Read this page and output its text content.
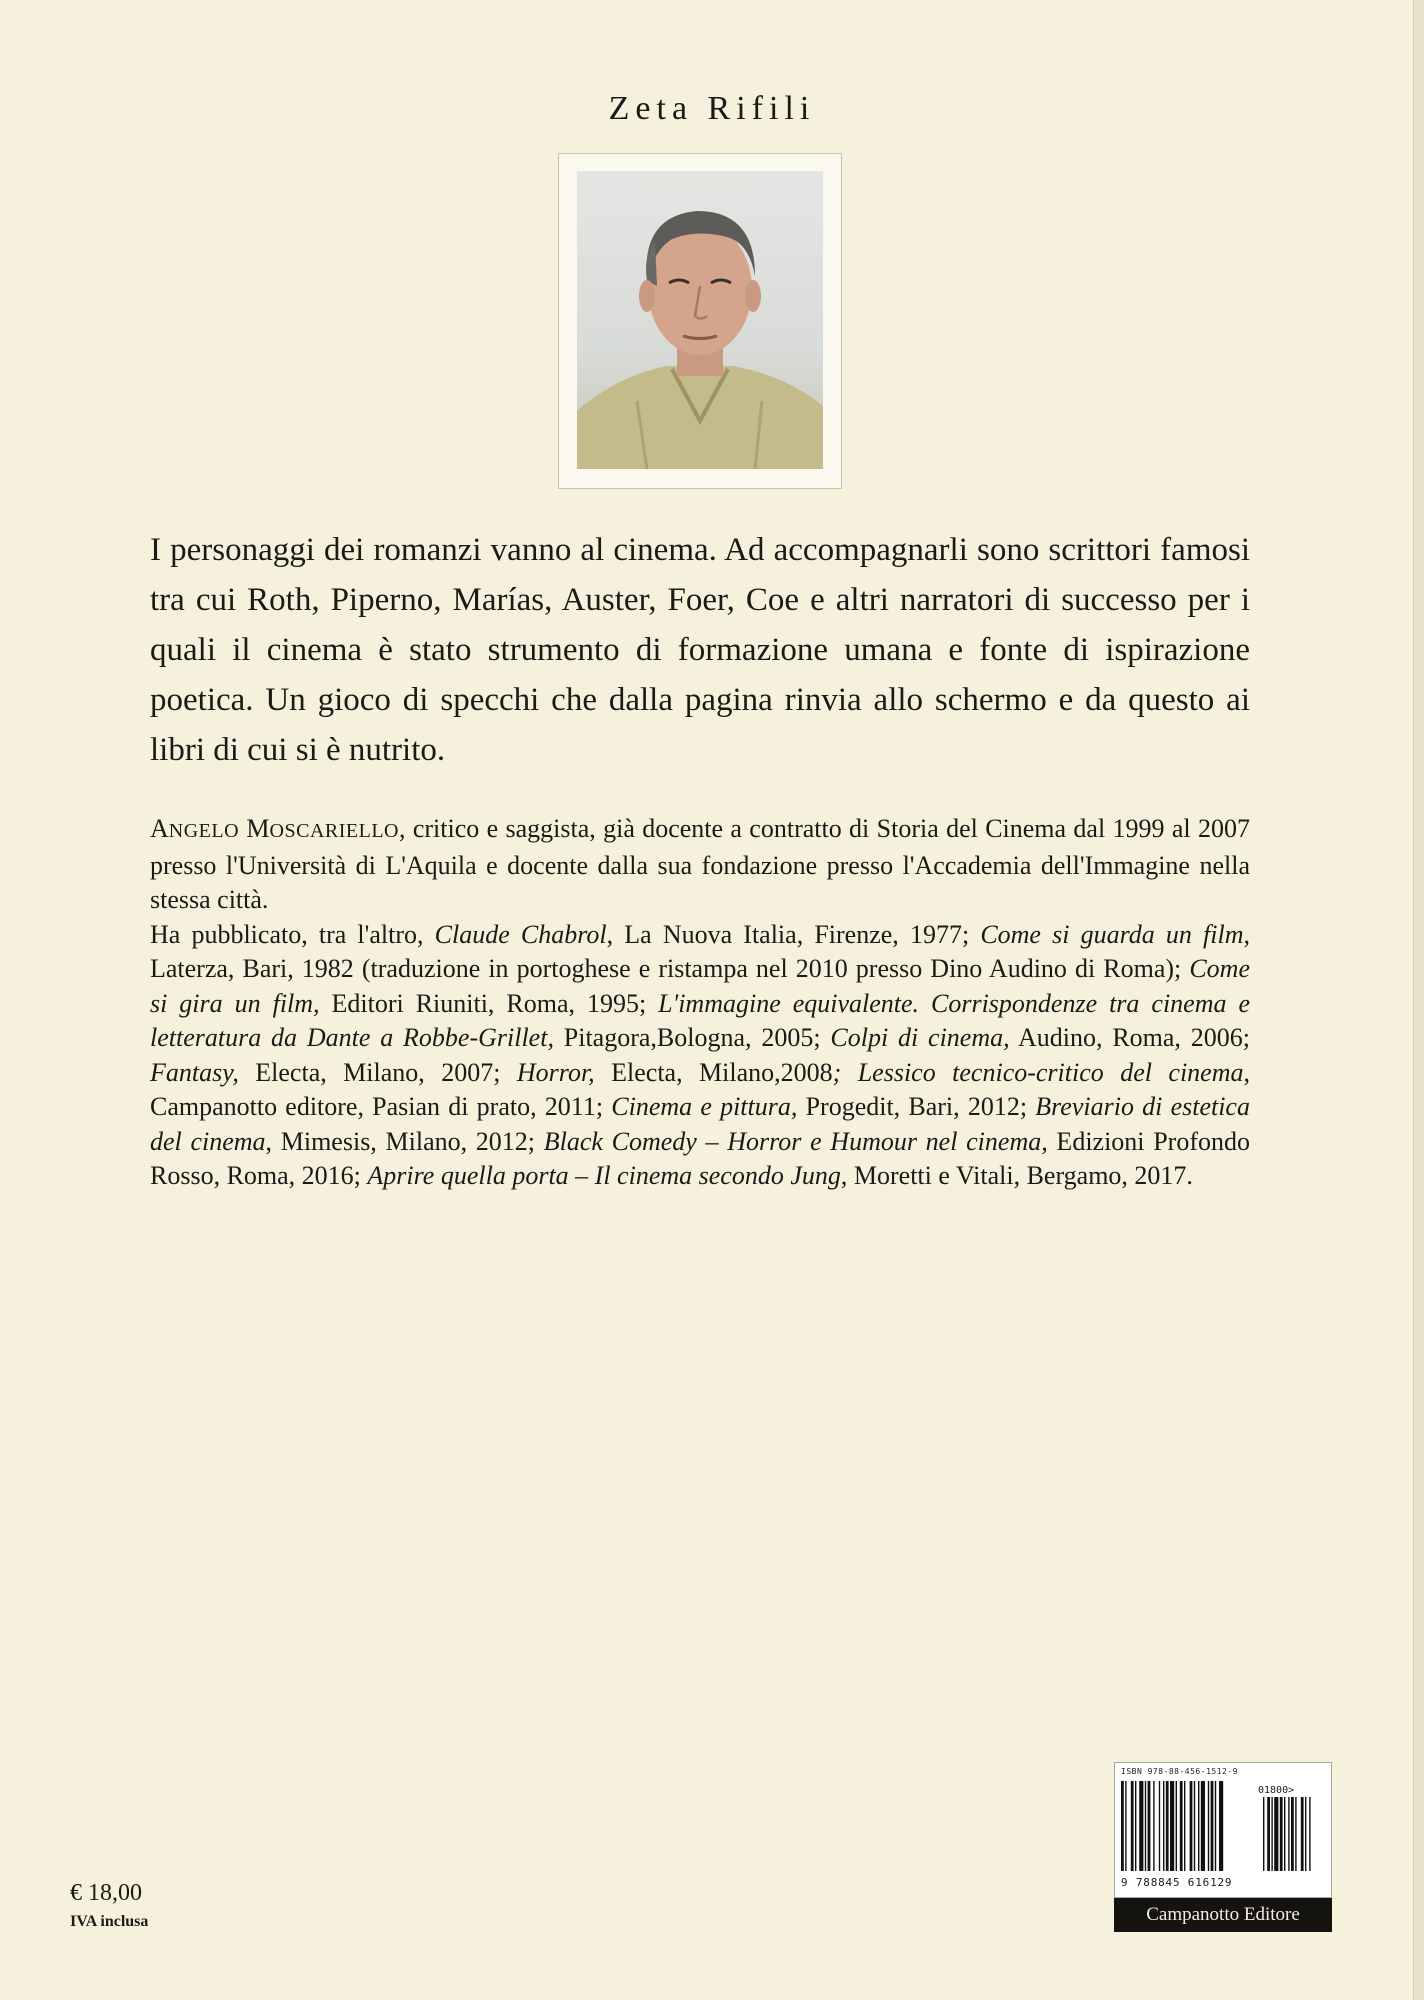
Zeta Rifili
I personaggi dei romanzi vanno al cinema. Ad accompagnarli sono scrittori famosi tra cui Roth, Piperno, Marías, Auster, Foer, Coe e altri narratori di successo per i quali il cinema è stato strumento di formazione umana e fonte di ispirazione poetica. Un gioco di specchi che dalla pagina rinvia allo schermo e da questo ai libri di cui si è nutrito.

ANGELO MOSCARIELLO, critico e saggista, già docente a contratto di Storia del Cinema dal 1999 al 2007 presso l'Università di L'Aquila e docente dalla sua fondazione presso l'Accademia dell'Immagine nella stessa città.

Ha pubblicato, tra l'altro, Claude Chabrol, La Nuova Italia, Firenze, 1977; Come si guarda un film, Laterza, Bari, 1982 (traduzione in portoghese e ristampa nel 2010 presso Dino Audino di Roma); Come si gira un film, Editori Riuniti, Roma, 1995; L'immagine equivalente. Corrispondenze tra cinema e letteratura da Dante a Robbe-Grillet, Pitagora,Bologna, 2005; Colpi di cinema, Audino, Roma, 2006; Fantasy, Electa, Milano, 2007; Horror, Electa, Milano,2008; Lessico tecnico-critico del cinema, Campanotto editore, Pasian di prato, 2011; Cinema e pittura, Progedit, Bari, 2012; Breviario di estetica del cinema, Mimesis, Milano, 2012; Black Comedy – Horror e Humour nel cinema, Edizioni Profondo Rosso, Roma, 2016; Aprire quella porta – Il cinema secondo Jung, Moretti e Vitali, Bergamo, 2017.

€ 18,00
IVA inclusa
ISBN 978-88-456-1512-9
01800>
9 788845 616129
Campanotto Editore
